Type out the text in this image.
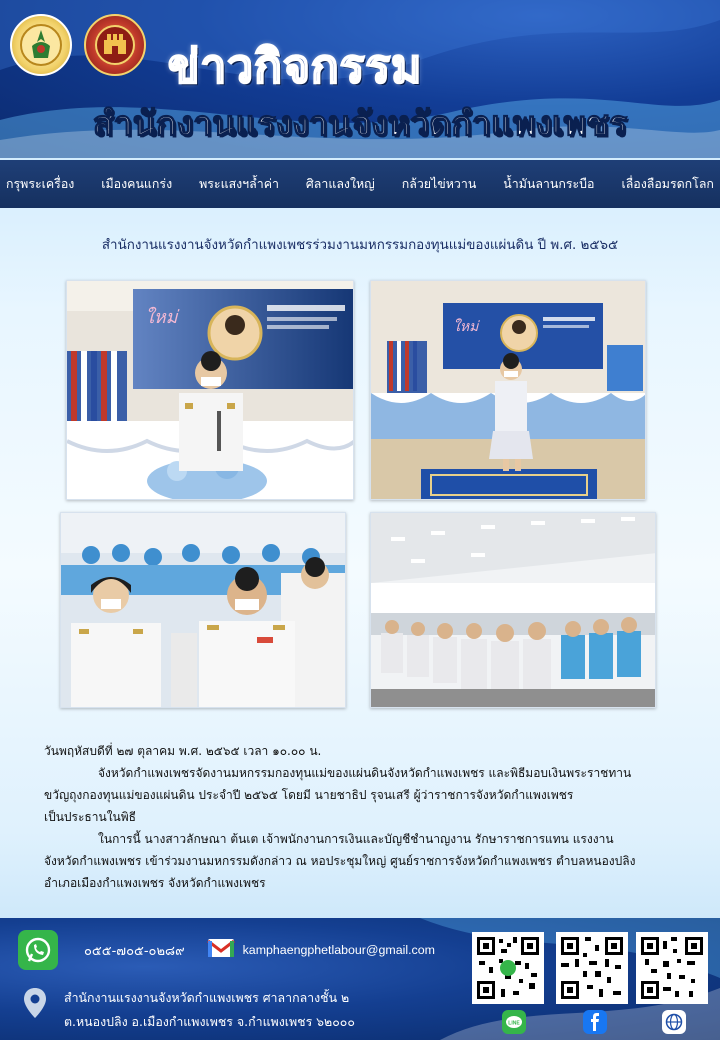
ข่าวกิจกรรม
สำนักงานแรงงานจังหวัดกำแพงเพชร
กรุพระเครื่อง เมืองคนแกร่ง พระแสงฯล้ำค่า ศิลาแลงใหญ่ กล้วยไข่หวาน น้ำมันลานกระบือ เลื่องลือมรดกโลก
สำนักงานแรงงานจังหวัดกำแพงเพชรร่วมงานมหกรรมกองทุนแม่ของแผ่นดิน ปี พ.ศ. ๒๕๖๕
ใหม่	ใหม่

วันพฤหัสบดีที่ ๒๗ ตุลาคม พ.ศ. ๒๕๖๕ เวลา ๑๐.๐๐ น.

จังหวัดกำแพงเพชรจัดงานมหกรรมกองทุนแม่ของแผ่นดินจังหวัดกำแพงเพชร และพิธีมอบเงินพระราชทาน

ขวัญถุงกองทุนแม่ของแผ่นดิน ประจำปี ๒๕๖๕ โดยมี นายชาธิป รุจนเสรี ผู้ว่าราชการจังหวัดกำแพงเพชร

เป็นประธานในพิธี

ในการนี้ นางสาวลักษณา ต้นเต เจ้าพนักงานการเงินและบัญชีชำนาญงาน รักษาราชการแทน แรงงาน

จังหวัดกำแพงเพชร เข้าร่วมงานมหกรรมดังกล่าว ณ หอประชุมใหญ่ ศูนย์ราชการจังหวัดกำแพงเพชร ตำบลหนองปลิง

อำเภอเมืองกำแพงเพชร จังหวัดกำแพงเพชร

๐๕๕-๗๐๕-๐๒๘๙	kamphaengphetlabour@gmail.com
สำนักงานแรงงานจังหวัดกำแพงเพชร ศาลากลางชั้น ๒
ต.หนองปลิง อ.เมืองกำแพงเพชร จ.กำแพงเพชร ๖๒๐๐๐	LINE
